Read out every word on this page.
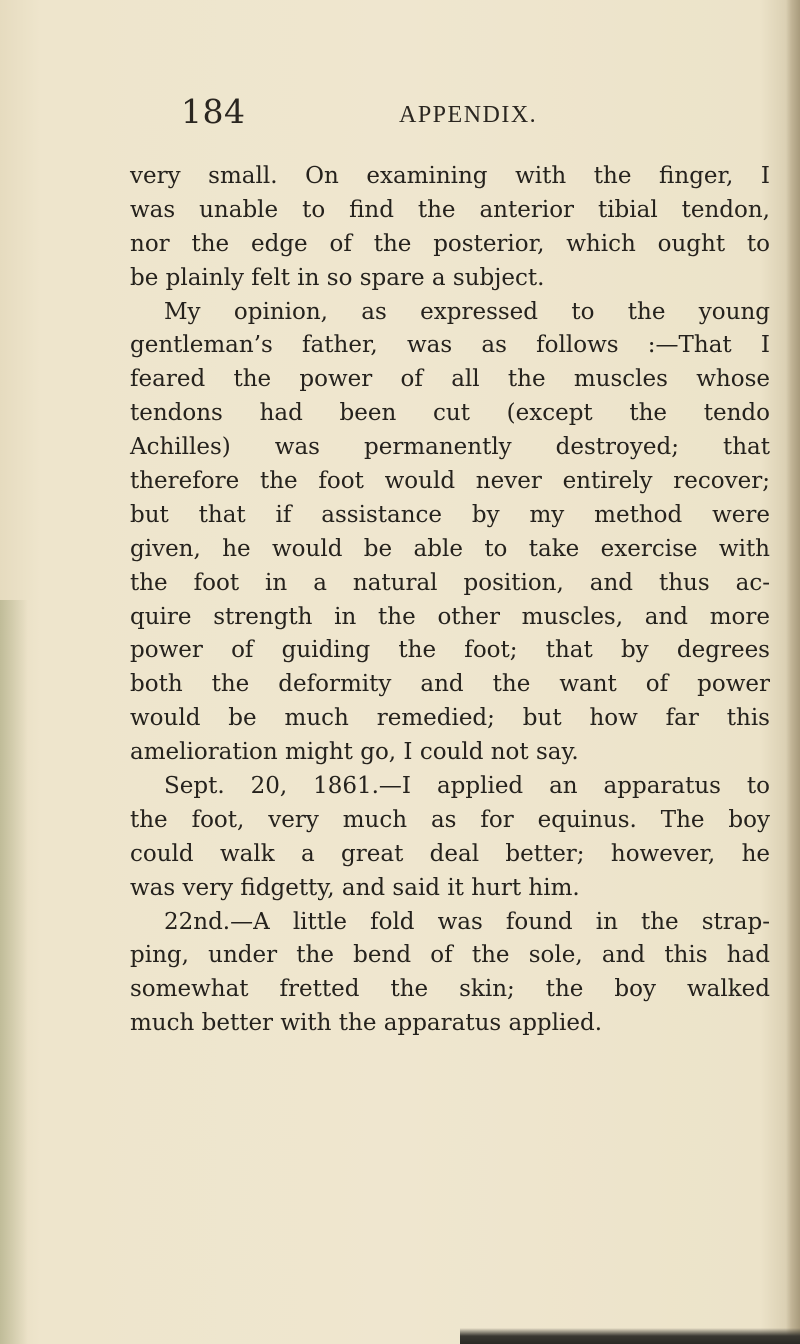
184	APPENDIX.
very small. On examining with the finger, I
was unable to find the anterior tibial tendon,
nor the edge of the posterior, which ought to
be plainly felt in so spare a subject.
My opinion, as expressed to the young
gentleman’s father, was as follows :—That I
feared the power of all the muscles whose
tendons had been cut (except the tendo
Achilles) was permanently destroyed; that
therefore the foot would never entirely recover;
but that if assistance by my method were
given, he would be able to take exercise with
the foot in a natural position, and thus ac-
quire strength in the other muscles, and more
power of guiding the foot; that by degrees
both the deformity and the want of power
would be much remedied; but how far this
amelioration might go, I could not say.
Sept. 20, 1861.—I applied an apparatus to
the foot, very much as for equinus. The boy
could walk a great deal better; however, he
was very fidgetty, and said it hurt him.
22nd.—A little fold was found in the strap-
ping, under the bend of the sole, and this had
somewhat fretted the skin; the boy walked
much better with the apparatus applied.
